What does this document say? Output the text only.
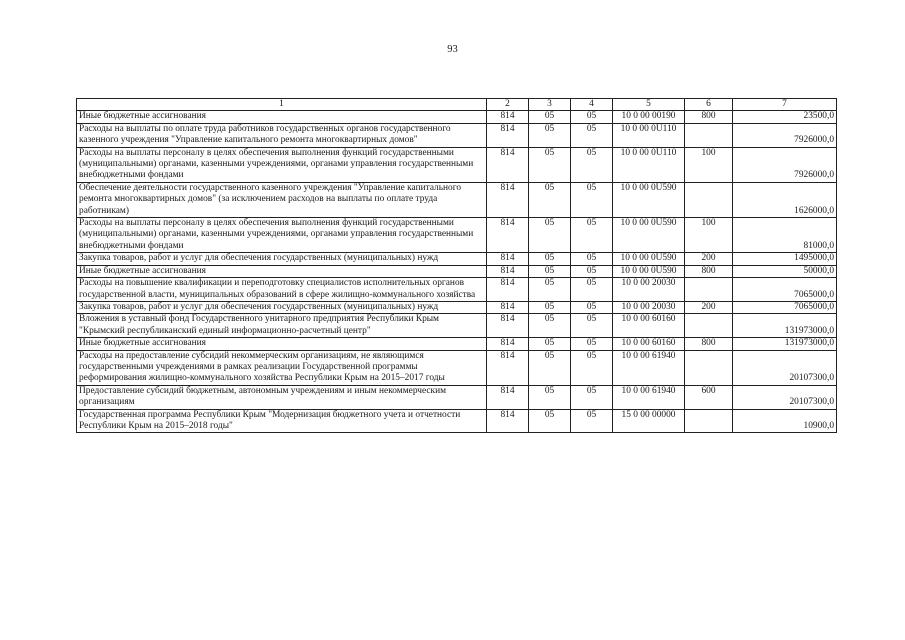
93
1	2	3	4	5	6	7
Иные бюджетные ассигнования	814	05	05	10 0 00 00190	800	23500,0
Расходы на выплаты по оплате труда работников государственных органов государственного казенного учреждения "Управление капитального ремонта многоквартирных домов"	814	05	05	10 0 00 0U110		7926000,0
Расходы на выплаты персоналу в целях обеспечения выполнения функций государственными (муниципальными) органами, казенными учреждениями, органами управления государственными внебюджетными фондами	814	05	05	10 0 00 0U110	100	7926000,0
Обеспечение деятельности государственного казенного учреждения "Управление капитального ремонта многоквартирных домов" (за исключением расходов на выплаты по оплате труда работникам)	814	05	05	10 0 00 0U590		1626000,0
Расходы на выплаты персоналу в целях обеспечения выполнения функций государственными (муниципальными) органами, казенными учреждениями, органами управления государственными внебюджетными фондами	814	05	05	10 0 00 0U590	100	81000,0
Закупка товаров, работ и услуг для обеспечения государственных (муниципальных) нужд	814	05	05	10 0 00 0U590	200	1495000,0
Иные бюджетные ассигнования	814	05	05	10 0 00 0U590	800	50000,0
Расходы на повышение квалификации и переподготовку специалистов исполнительных органов государственной власти, муниципальных образований в сфере жилищно-коммунального хозяйства	814	05	05	10 0 00 20030		7065000,0
Закупка товаров, работ и услуг для обеспечения государственных (муниципальных) нужд	814	05	05	10 0 00 20030	200	7065000,0
Вложения в уставный фонд Государственного унитарного предприятия Республики Крым "Крымский республиканский единый информационно-расчетный центр"	814	05	05	10 0 00 60160		131973000,0
Иные бюджетные ассигнования	814	05	05	10 0 00 60160	800	131973000,0
Расходы на предоставление субсидий некоммерческим организациям, не являющимся государственными учреждениями в рамках реализации Государственной программы реформирования жилищно-коммунального хозяйства Республики Крым на 2015–2017 годы	814	05	05	10 0 00 61940		20107300,0
Предоставление субсидий бюджетным, автономным учреждениям и иным некоммерческим организациям	814	05	05	10 0 00 61940	600	20107300,0
Государственная программа Республики Крым "Модернизация бюджетного учета и отчетности Республики Крым на 2015–2018 годы"	814	05	05	15 0 00 00000		10900,0
